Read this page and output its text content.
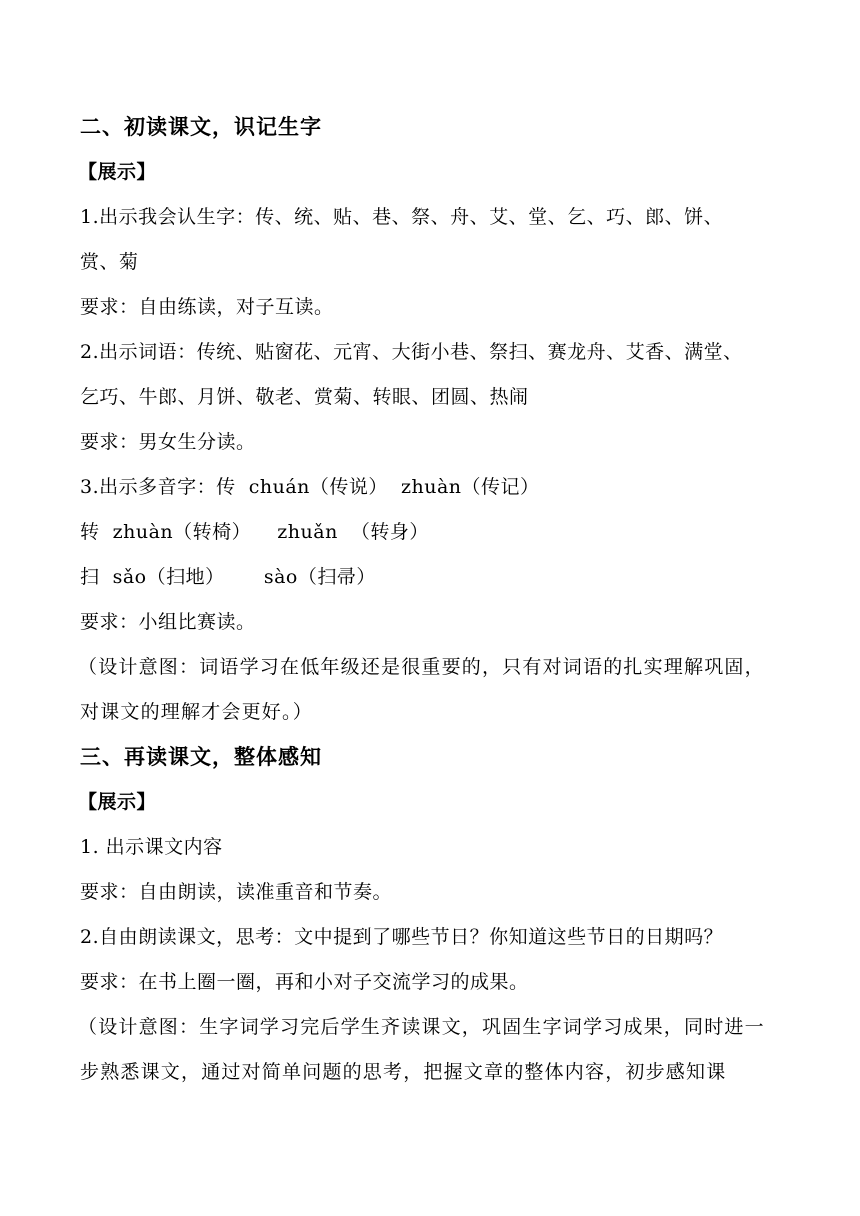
二、初读课文，识记生字
【展示】
1.出示我会认生字：传、统、贴、巷、祭、舟、艾、堂、乞、巧、郎、饼、
赏、菊
要求：自由练读，对子互读。
2.出示词语：传统、贴窗花、元宵、大街小巷、祭扫、赛龙舟、艾香、满堂、
乞巧、牛郎、月饼、敬老、赏菊、转眼、团圆、热闹
要求：男女生分读。
3.出示多音字：传  chuán（传说）  zhuàn（传记）
转  zhuàn（转椅）    zhuǎn  （转身）
扫  sǎo（扫地）      sào（扫帚）
要求：小组比赛读。
（设计意图：词语学习在低年级还是很重要的，只有对词语的扎实理解巩固，
对课文的理解才会更好。）
三、再读课文，整体感知
【展示】
1. 出示课文内容
要求：自由朗读，读准重音和节奏。
2.自由朗读课文，思考：文中提到了哪些节日？你知道这些节日的日期吗？
要求：在书上圈一圈，再和小对子交流学习的成果。
（设计意图：生字词学习完后学生齐读课文，巩固生字词学习成果，同时进一
步熟悉课文，通过对简单问题的思考，把握文章的整体内容，初步感知课
